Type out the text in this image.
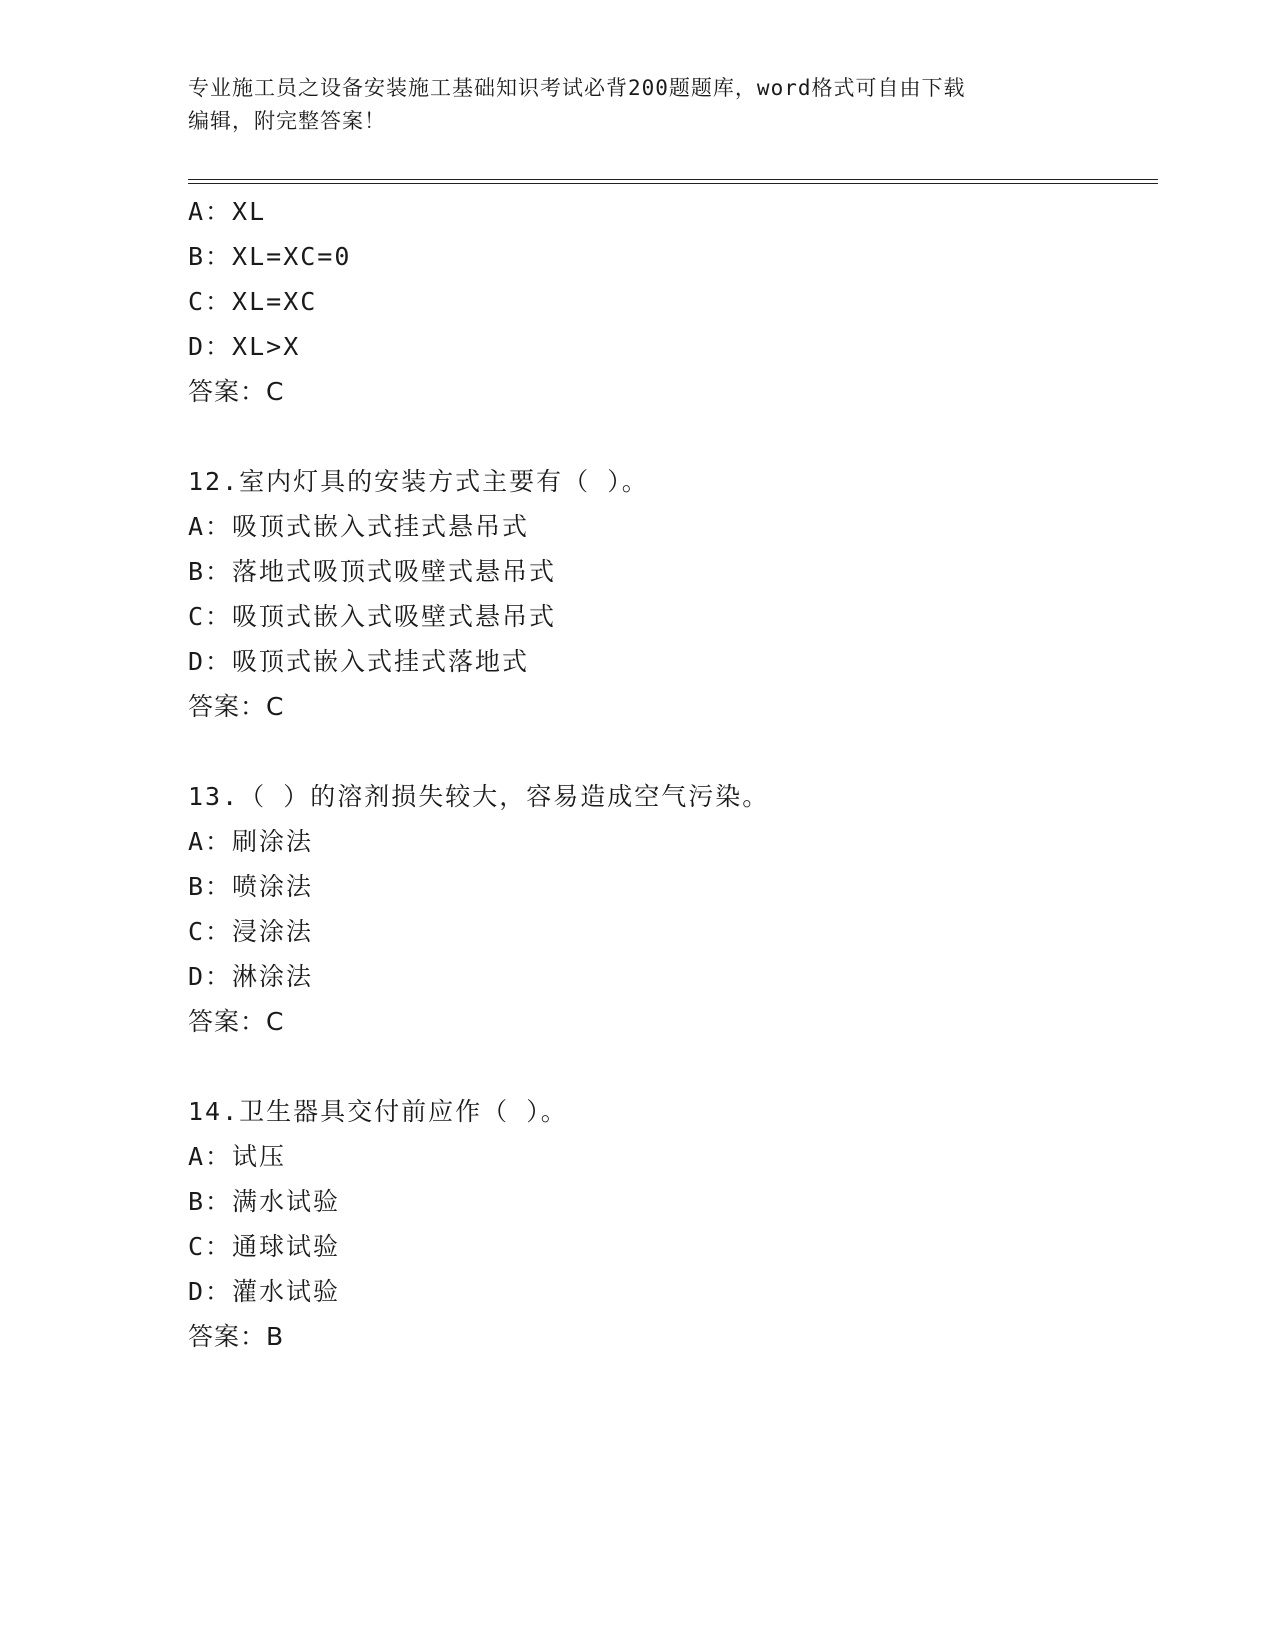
专业施工员之设备安装施工基础知识考试必背200题题库，word格式可自由下载
编辑，附完整答案！
A：XL
B：XL=XC=0
C：XL=XC
D：XL>X
答案：C
12.室内灯具的安装方式主要有（ ）。
A：吸顶式嵌入式挂式悬吊式
B：落地式吸顶式吸壁式悬吊式
C：吸顶式嵌入式吸壁式悬吊式
D：吸顶式嵌入式挂式落地式
答案：C
13.（ ）的溶剂损失较大，容易造成空气污染。
A：刷涂法
B：喷涂法
C：浸涂法
D：淋涂法
答案：C
14.卫生器具交付前应作（ ）。
A：试压
B：满水试验
C：通球试验
D：灌水试验
答案：B
